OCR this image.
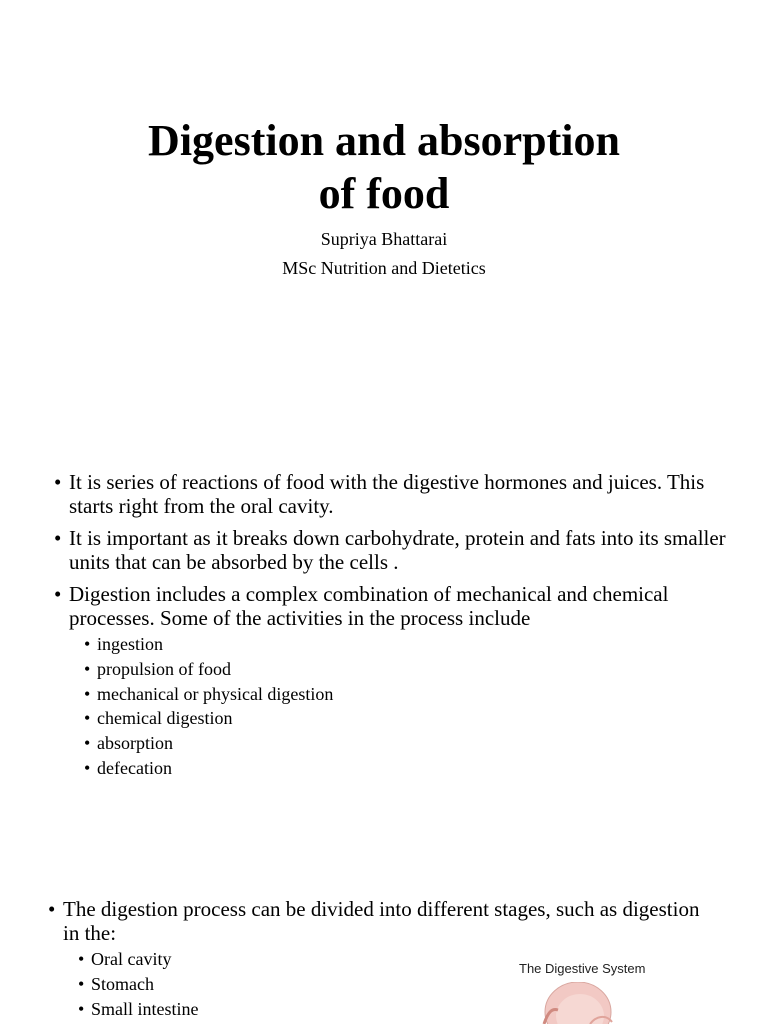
Digestion and absorption
of food

Supriya Bhattarai

MSc Nutrition and Dietetics

• It is series of reactions of food with the digestive hormones and juices. This starts right from the oral cavity.
• It is important as it breaks down carbohydrate, protein and fats into its smaller units that can be absorbed by the cells .
• Digestion includes a complex combination of mechanical and chemical processes. Some of the activities in the process include
• ingestion
• propulsion of food
• mechanical or physical digestion
• chemical digestion
• absorption
• defecation
• The digestion process can be divided into different stages, such as digestion in the:
• Oral cavity
• Stomach
• Small intestine

The Digestive System
